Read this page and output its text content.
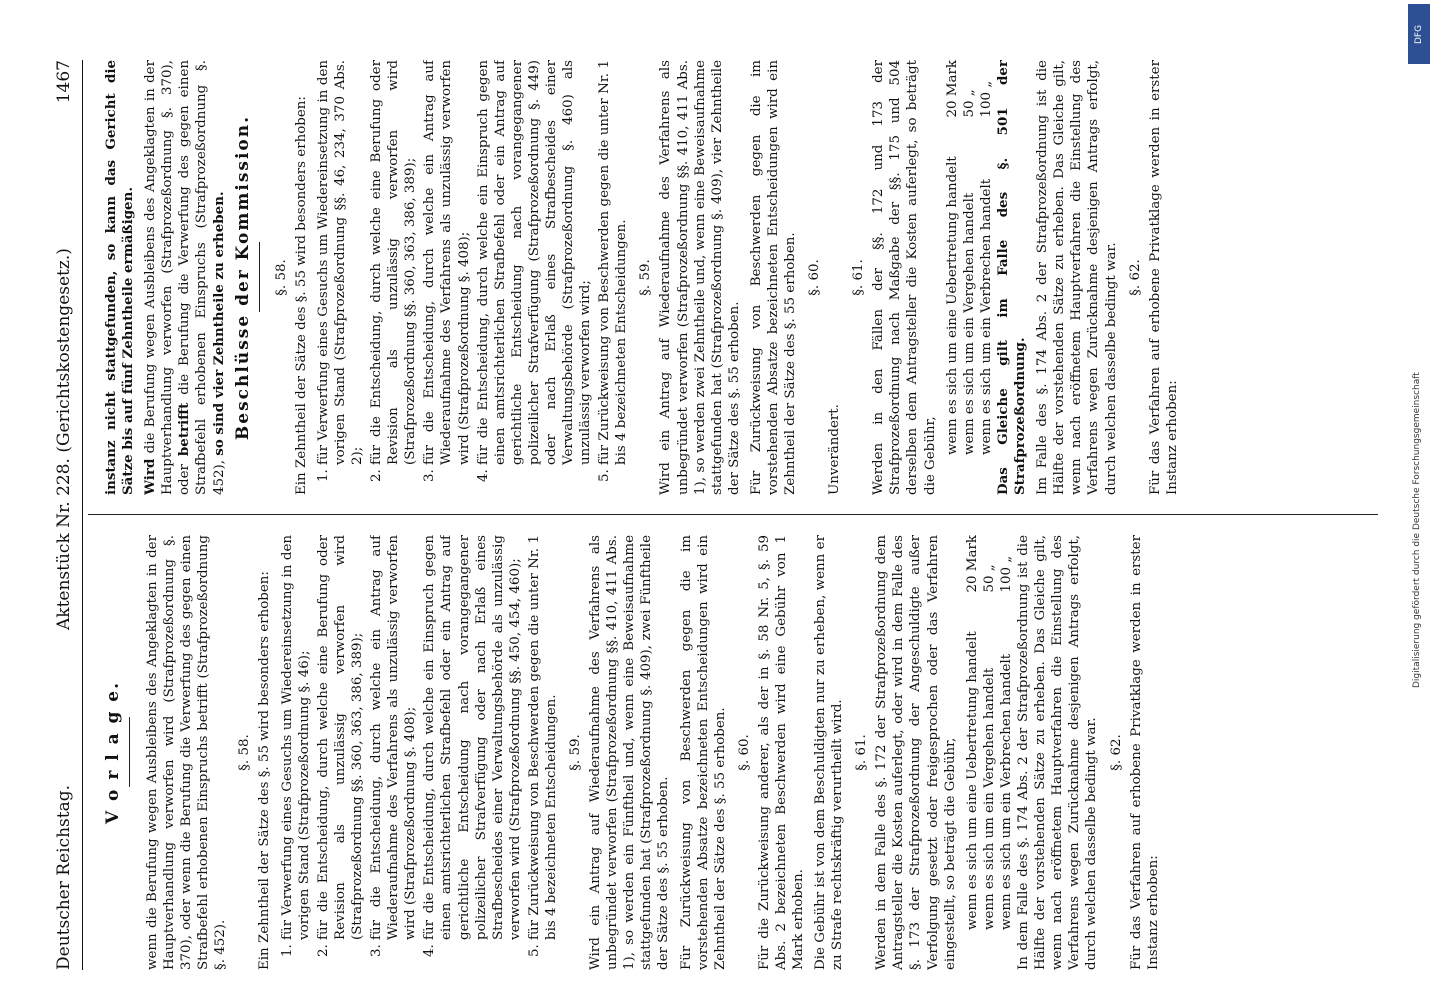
DFG
Digitalisierung gefördert durch die Deutsche Forschungsgemeinschaft
Deutscher Reichstag.
Aktenstück Nr. 228. (Gerichtskostengesetz.)
1467
V o r l a g e. wenn die Berufung wegen Ausbleibens des Angeklagten in der Hauptverhandlung verworfen wird (Strafprozeßordnung §. 370), oder wenn die Berufung die Verwerfung des gegen einen Strafbefehl erhobenen Einspruchs betrifft (Strafprozeßordnung §. 452).

§. 58. Ein Zehntheil der Sätze des §. 55 wird besonders erhoben: 1. für Verwerfung eines Gesuchs um Wiedereinsetzung in den vorigen Stand (Strafprozeßordnung §. 46); 2. für die Entscheidung, durch welche eine Berufung oder Revision als unzulässig verworfen wird (Strafprozeßordnung §§. 360, 363, 386, 389); 3. für die Entscheidung, durch welche ein Antrag auf Wiederaufnahme des Verfahrens als unzulässig verworfen wird (Strafprozeßordnung §. 408); 4. für die Entscheidung, durch welche ein Einspruch gegen einen amtsrichterlichen Strafbefehl oder ein Antrag auf gerichtliche Entscheidung nach vorangegangener polizeilicher Strafverfügung oder nach Erlaß eines Strafbescheides einer Verwaltungsbehörde als unzulässig verworfen wird (Strafprozeßordnung §§. 450, 454, 460); 5. für Zurückweisung von Beschwerden gegen die unter Nr. 1 bis 4 bezeichneten Entscheidungen. §. 59. Wird ein Antrag auf Wiederaufnahme des Verfahrens als unbegründet verworfen (Strafprozeßordnung §§. 410, 411 Abs. 1), so werden ein Fünftheil und, wenn eine Beweisaufnahme stattgefunden hat (Strafprozeßordnung §. 409), zwei Fünftheile der Sätze des §. 55 erhoben. Für Zurückweisung von Beschwerden gegen die im vorstehenden Absatze bezeichneten Entscheidungen wird ein Zehntheil der Sätze des §. 55 erhoben. §. 60. Für die Zurückweisung anderer, als der in §. 58 Nr. 5, §. 59 Abs. 2 bezeichneten Beschwerden wird eine Gebühr von 1 Mark erhoben. Die Gebühr ist von dem Beschuldigten nur zu erheben, wenn er zu Strafe rechtskräftig verurtheilt wird. §. 61. Werden in dem Falle des §. 172 der Strafprozeßordnung dem Antragsteller die Kosten auferlegt, oder wird in dem Falle des §. 173 der Strafprozeßordnung der Angeschuldigte außer Verfolgung gesetzt oder freigesprochen oder das Verfahren eingestellt, so beträgt die Gebühr, wenn es sich um eine Uebertretung handelt
20 Mark
wenn es sich um ein Vergehen handelt
50 „
wenn es sich um ein Verbrechen handelt
100 „ In dem Falle des §. 174 Abs. 2 der Strafprozeßordnung ist die Hälfte der vorstehenden Sätze zu erheben. Das Gleiche gilt, wenn nach eröffnetem Hauptverfahren die Einstellung des Verfahrens wegen Zurücknahme desjenigen Antrags erfolgt, durch welchen dasselbe bedingt war. §. 62. Für das Verfahren auf erhobene Privatklage werden in erster Instanz erhoben:

instanz nicht stattgefunden, so kann das Gericht die Sätze bis auf fünf Zehntheile ermäßigen. Wird die Berufung wegen Ausbleibens des Angeklagten in der Hauptverhandlung verworfen (Strafprozeßordnung §. 370), oder betrifft die Berufung die Verwerfung des gegen einen Strafbefehl erhobenen Einspruchs (Strafprozeßordnung §. 452), so sind vier Zehntheile zu erheben. Beschlüsse der Kommission. §. 58. Ein Zehntheil der Sätze des §. 55 wird besonders erhoben: 1. für Verwerfung eines Gesuchs um Wiedereinsetzung in den vorigen Stand (Strafprozeßordnung §§. 46, 234, 370 Abs. 2); 2. für die Entscheidung, durch welche eine Berufung oder Revision als unzulässig verworfen wird (Strafprozeßordnung §§. 360, 363, 386, 389); 3. für die Entscheidung, durch welche ein Antrag auf Wiederaufnahme des Verfahrens als unzulässig verworfen wird (Strafprozeßordnung §. 408); 4. für die Entscheidung, durch welche ein Einspruch gegen einen amtsrichterlichen Strafbefehl oder ein Antrag auf gerichtliche Entscheidung nach vorangegangener polizeilicher Strafverfügung (Strafprozeßordnung §. 449) oder nach Erlaß eines Strafbescheides einer Verwaltungsbehörde (Strafprozeßordnung §. 460) als unzulässig verworfen wird; 5. für Zurückweisung von Beschwerden gegen die unter Nr. 1 bis 4 bezeichneten Entscheidungen. §. 59. Wird ein Antrag auf Wiederaufnahme des Verfahrens als unbegründet verworfen (Strafprozeßordnung §§. 410, 411 Abs. 1), so werden zwei Zehntheile und, wenn eine Beweisaufnahme stattgefunden hat (Strafprozeßordnung §. 409), vier Zehntheile der Sätze des §. 55 erhoben. Für Zurückweisung von Beschwerden gegen die im vorstehenden Absatze bezeichneten Entscheidungen wird ein Zehntheil der Sätze des §. 55 erhoben. §. 60.

Unverändert.

§. 61. Werden in den Fällen der §§. 172 und 173 der Strafprozeßordnung nach Maßgabe der §§. 175 und 504 derselben dem Antragsteller die Kosten auferlegt, so beträgt die Gebühr,

wenn es sich um eine Uebertretung handelt
20 Mark
wenn es sich um ein Vergehen handelt
50 „
wenn es sich um ein Verbrechen handelt
100 „ Das Gleiche gilt im Falle des §. 501 der Strafprozeßordnung. Im Falle des §. 174 Abs. 2 der Strafprozeßordnung ist die Hälfte der vorstehenden Sätze zu erheben. Das Gleiche gilt, wenn nach eröffnetem Hauptverfahren die Einstellung des Verfahrens wegen Zurücknahme desjenigen Antrags erfolgt, durch welchen dasselbe bedingt war. §. 62. Für das Verfahren auf erhobene Privatklage werden in erster Instanz erhoben:
